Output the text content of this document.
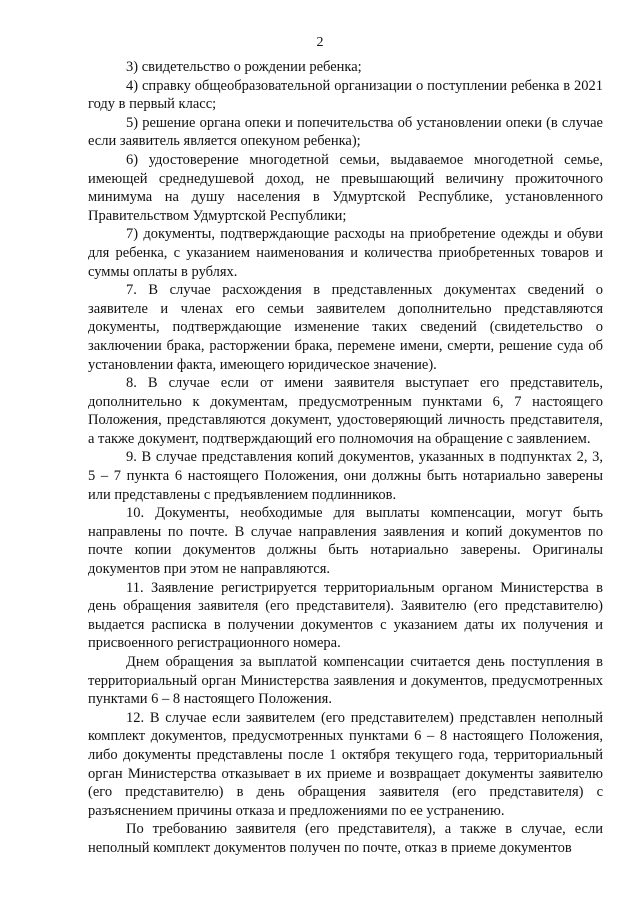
2

3) свидетельство о рождении ребенка;

4) справку общеобразовательной организации о поступлении ребенка в 2021 году в первый класс;

5) решение органа опеки и попечительства об установлении опеки (в случае если заявитель является опекуном ребенка);

6) удостоверение многодетной семьи, выдаваемое многодетной семье, имеющей среднедушевой доход, не превышающий величину прожиточного минимума на душу населения в Удмуртской Республике, установленного Правительством Удмуртской Республики;

7) документы, подтверждающие расходы на приобретение одежды и обуви для ребенка, с указанием наименования и количества приобретенных товаров и суммы оплаты в рублях.

7. В случае расхождения в представленных документах сведений о заявителе и членах его семьи заявителем дополнительно представляются документы, подтверждающие изменение таких сведений (свидетельство о заключении брака, расторжении брака, перемене имени, смерти, решение суда об установлении факта, имеющего юридическое значение).

8. В случае если от имени заявителя выступает его представитель, дополнительно к документам, предусмотренным пунктами 6, 7 настоящего Положения, представляются документ, удостоверяющий личность представителя, а также документ, подтверждающий его полномочия на обращение с заявлением.

9. В случае представления копий документов, указанных в подпунктах 2, 3, 5 – 7 пункта 6 настоящего Положения, они должны быть нотариально заверены или представлены с предъявлением подлинников.

10. Документы, необходимые для выплаты компенсации, могут быть направлены по почте. В случае направления заявления и копий документов по почте копии документов должны быть нотариально заверены. Оригиналы документов при этом не направляются.

11. Заявление регистрируется территориальным органом Министерства в день обращения заявителя (его представителя). Заявителю (его представителю) выдается расписка в получении документов с указанием даты их получения и присвоенного регистрационного номера.

Днем обращения за выплатой компенсации считается день поступления в территориальный орган Министерства заявления и документов, предусмотренных пунктами 6 – 8 настоящего Положения.

12. В случае если заявителем (его представителем) представлен неполный комплект документов, предусмотренных пунктами 6 – 8 настоящего Положения, либо документы представлены после 1 октября текущего года, территориальный орган Министерства отказывает в их приеме и возвращает документы заявителю (его представителю) в день обращения заявителя (его представителя) с разъяснением причины отказа и предложениями по ее устранению.

По требованию заявителя (его представителя), а также в случае, если неполный комплект документов получен по почте, отказ в приеме документов
